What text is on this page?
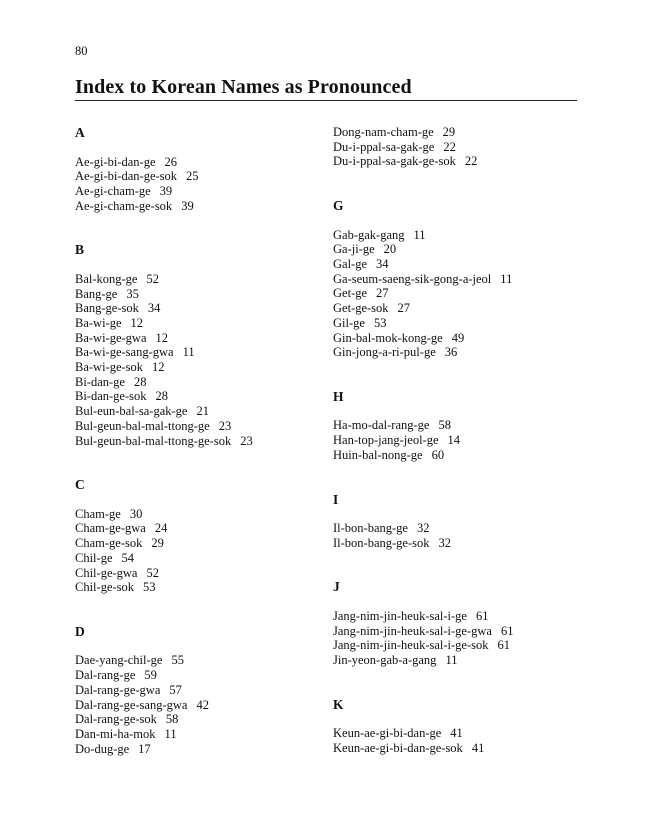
80
Index to Korean Names as Pronounced
A
Ae-gi-bi-dan-ge 26
Ae-gi-bi-dan-ge-sok 25
Ae-gi-cham-ge 39
Ae-gi-cham-ge-sok 39
B
Bal-kong-ge 52
Bang-ge 35
Bang-ge-sok 34
Ba-wi-ge 12
Ba-wi-ge-gwa 12
Ba-wi-ge-sang-gwa 11
Ba-wi-ge-sok 12
Bi-dan-ge 28
Bi-dan-ge-sok 28
Bul-eun-bal-sa-gak-ge 21
Bul-geun-bal-mal-ttong-ge 23
Bul-geun-bal-mal-ttong-ge-sok 23
C
Cham-ge 30
Cham-ge-gwa 24
Cham-ge-sok 29
Chil-ge 54
Chil-ge-gwa 52
Chil-ge-sok 53
D
Dae-yang-chil-ge 55
Dal-rang-ge 59
Dal-rang-ge-gwa 57
Dal-rang-ge-sang-gwa 42
Dal-rang-ge-sok 58
Dan-mi-ha-mok 11
Do-dug-ge 17
Dong-nam-cham-ge 29
Du-i-ppal-sa-gak-ge 22
Du-i-ppal-sa-gak-ge-sok 22
G
Gab-gak-gang 11
Ga-ji-ge 20
Gal-ge 34
Ga-seum-saeng-sik-gong-a-jeol 11
Get-ge 27
Get-ge-sok 27
Gil-ge 53
Gin-bal-mok-kong-ge 49
Gin-jong-a-ri-pul-ge 36
H
Ha-mo-dal-rang-ge 58
Han-top-jang-jeol-ge 14
Huin-bal-nong-ge 60
I
Il-bon-bang-ge 32
Il-bon-bang-ge-sok 32
J
Jang-nim-jin-heuk-sal-i-ge 61
Jang-nim-jin-heuk-sal-i-ge-gwa 61
Jang-nim-jin-heuk-sal-i-ge-sok 61
Jin-yeon-gab-a-gang 11
K
Keun-ae-gi-bi-dan-ge 41
Keun-ae-gi-bi-dan-ge-sok 41
